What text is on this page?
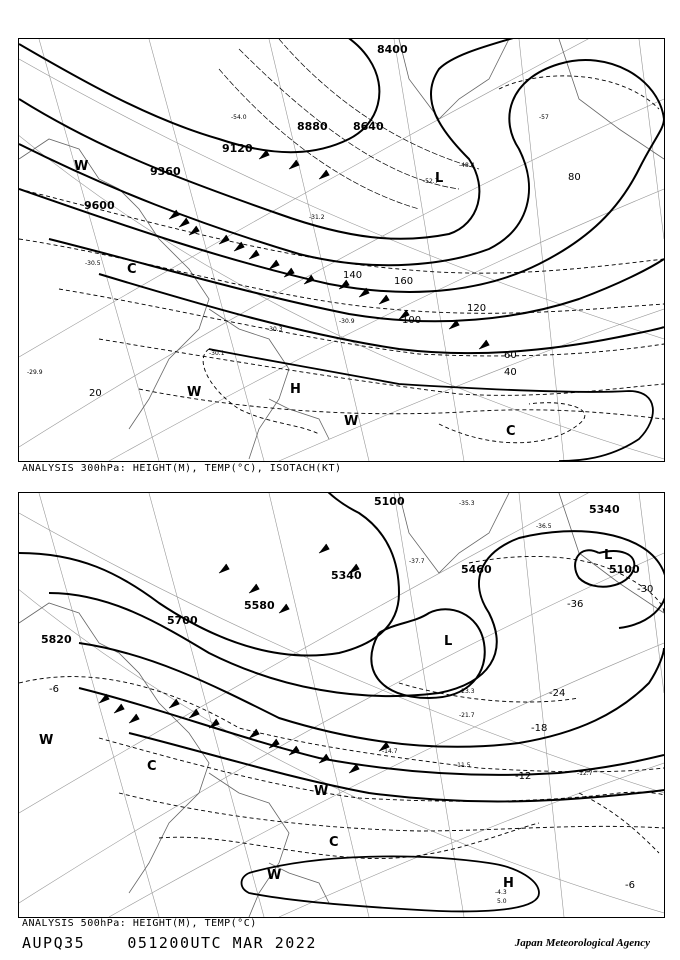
8400
8640
8880
9120
9360
9600
20
40
60
80
100
120
140
160
W
W
W
C
C
H
L
-30.5
-29.9
-30.1
-30.3
-30.9
-31.2
-48.4
-52.7
-54.0	-57
ANALYSIS 300hPa: HEIGHT(M), TEMP(°C), ISOTACH(KT)
5100
5340
5580
5700
5820
5460
5340
5100
-6
-6
-12
-18
-24
-30
-36
W
W
W
C
C
H
L
L
-4.3
5.0
-12.7
-11.5
-14.7
-21.7
-23.3
-35.3
-36.5
-37.7
ANALYSIS 500hPa: HEIGHT(M), TEMP(°C)
AUPQ35	051200UTC MAR 2022	Japan Meteorological Agency
